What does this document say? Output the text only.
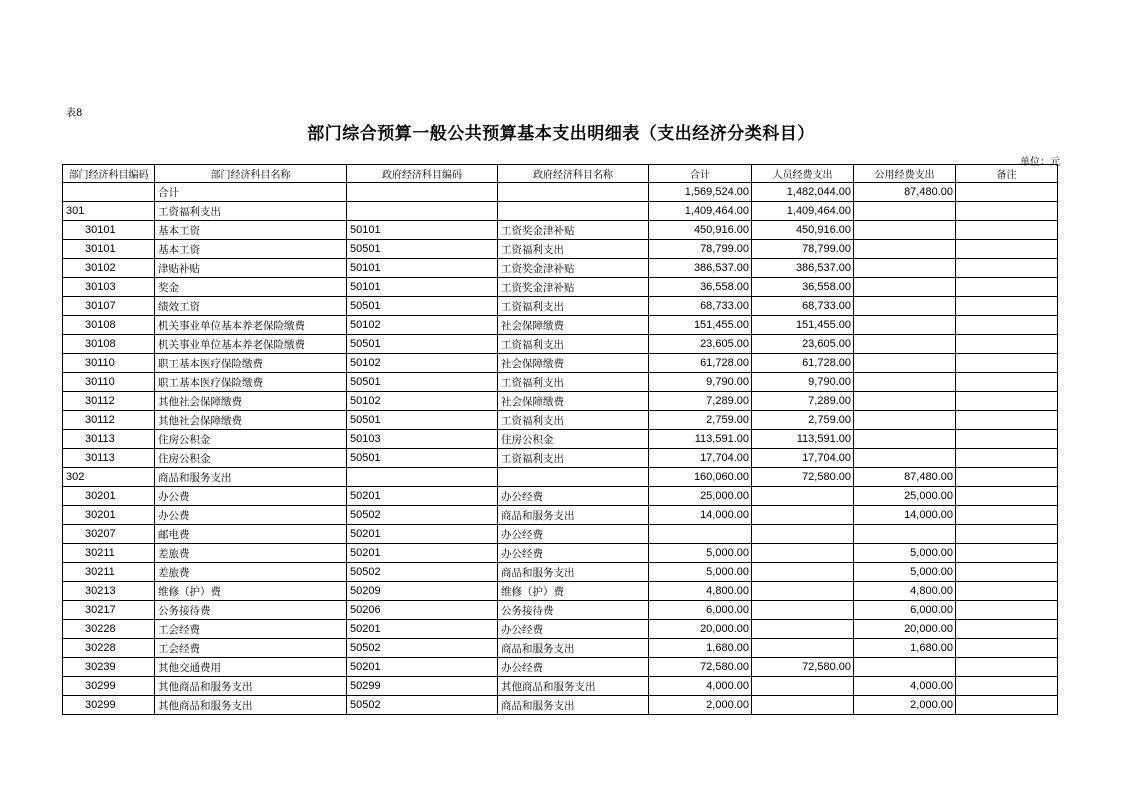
表8
部门综合预算一般公共预算基本支出明细表（支出经济分类科目）
单位：元
部门经济科目编码	部门经济科目名称	政府经济科目编码	政府经济科目名称	合计	人员经费支出	公用经费支出	备注
	合计			1,569,524.00	1,482,044.00	87,480.00	
301	工资福利支出			1,409,464.00	1,409,464.00		
30101	基本工资	50101	工资奖金津补贴	450,916.00	450,916.00		
30101	基本工资	50501	工资福利支出	78,799.00	78,799.00		
30102	津贴补贴	50101	工资奖金津补贴	386,537.00	386,537.00		
30103	奖金	50101	工资奖金津补贴	36,558.00	36,558.00		
30107	绩效工资	50501	工资福利支出	68,733.00	68,733.00		
30108	机关事业单位基本养老保险缴费	50102	社会保障缴费	151,455.00	151,455.00		
30108	机关事业单位基本养老保险缴费	50501	工资福利支出	23,605.00	23,605.00		
30110	职工基本医疗保险缴费	50102	社会保障缴费	61,728.00	61,728.00		
30110	职工基本医疗保险缴费	50501	工资福利支出	9,790.00	9,790.00		
30112	其他社会保障缴费	50102	社会保障缴费	7,289.00	7,289.00		
30112	其他社会保障缴费	50501	工资福利支出	2,759.00	2,759.00		
30113	住房公积金	50103	住房公积金	113,591.00	113,591.00		
30113	住房公积金	50501	工资福利支出	17,704.00	17,704.00		
302	商品和服务支出			160,060.00	72,580.00	87,480.00	
30201	办公费	50201	办公经费	25,000.00		25,000.00	
30201	办公费	50502	商品和服务支出	14,000.00		14,000.00	
30207	邮电费	50201	办公经费				
30211	差旅费	50201	办公经费	5,000.00		5,000.00	
30211	差旅费	50502	商品和服务支出	5,000.00		5,000.00	
30213	维修（护）费	50209	维修（护）费	4,800.00		4,800.00	
30217	公务接待费	50206	公务接待费	6,000.00		6,000.00	
30228	工会经费	50201	办公经费	20,000.00		20,000.00	
30228	工会经费	50502	商品和服务支出	1,680.00		1,680.00	
30239	其他交通费用	50201	办公经费	72,580.00	72,580.00		
30299	其他商品和服务支出	50299	其他商品和服务支出	4,000.00		4,000.00	
30299	其他商品和服务支出	50502	商品和服务支出	2,000.00		2,000.00	
